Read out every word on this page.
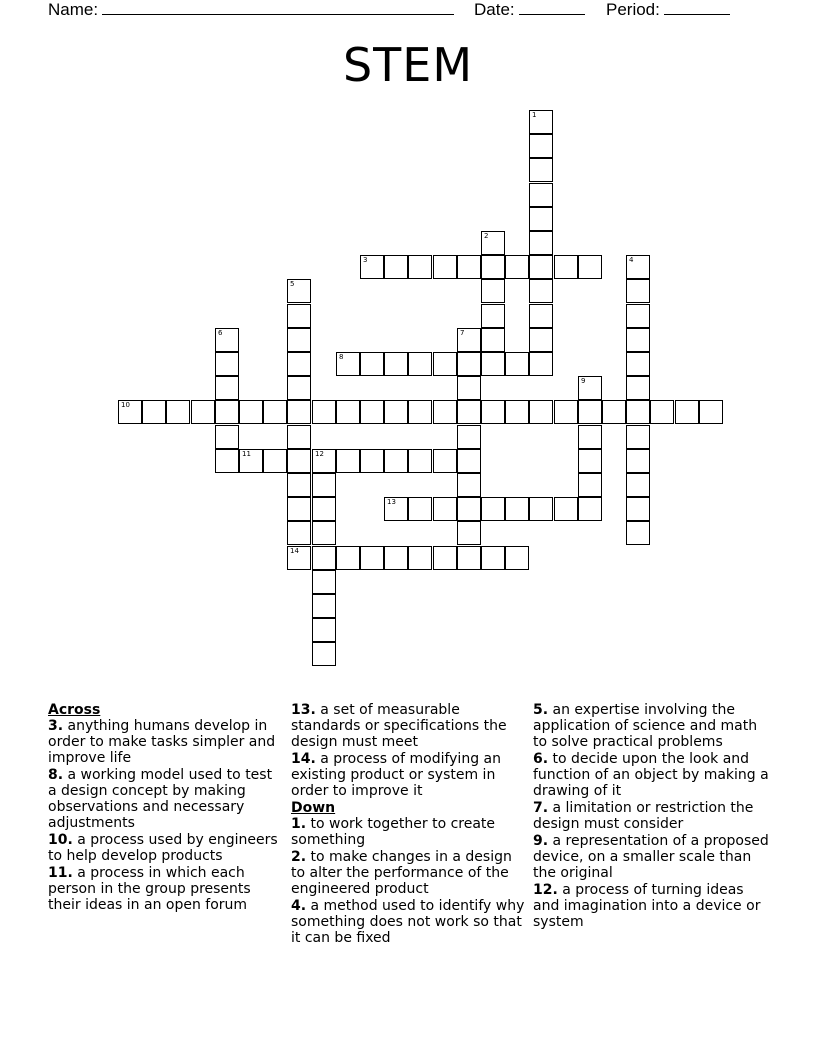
Name:	Date:	Period:
STEM
1
2
3	4
5
6	7
8
9
10
11	12
13
14
Across
3. anything humans develop in order to make tasks simpler and improve life
8. a working model used to test a design concept by making observations and necessary adjustments
10. a process used by engineers to help develop products
11. a process in which each person in the group presents their ideas in an open forum
13. a set of measurable standards or specifications the design must meet
14. a process of modifying an existing product or system in order to improve it
Down
1. to work together to create something
2. to make changes in a design to alter the performance of the engineered product
4. a method used to identify why something does not work so that it can be fixed
5. an expertise involving the application of science and math to solve practical problems
6. to decide upon the look and function of an object by making a drawing of it
7. a limitation or restriction the design must consider
9. a representation of a proposed device, on a smaller scale than the original
12. a process of turning ideas and imagination into a device or system
